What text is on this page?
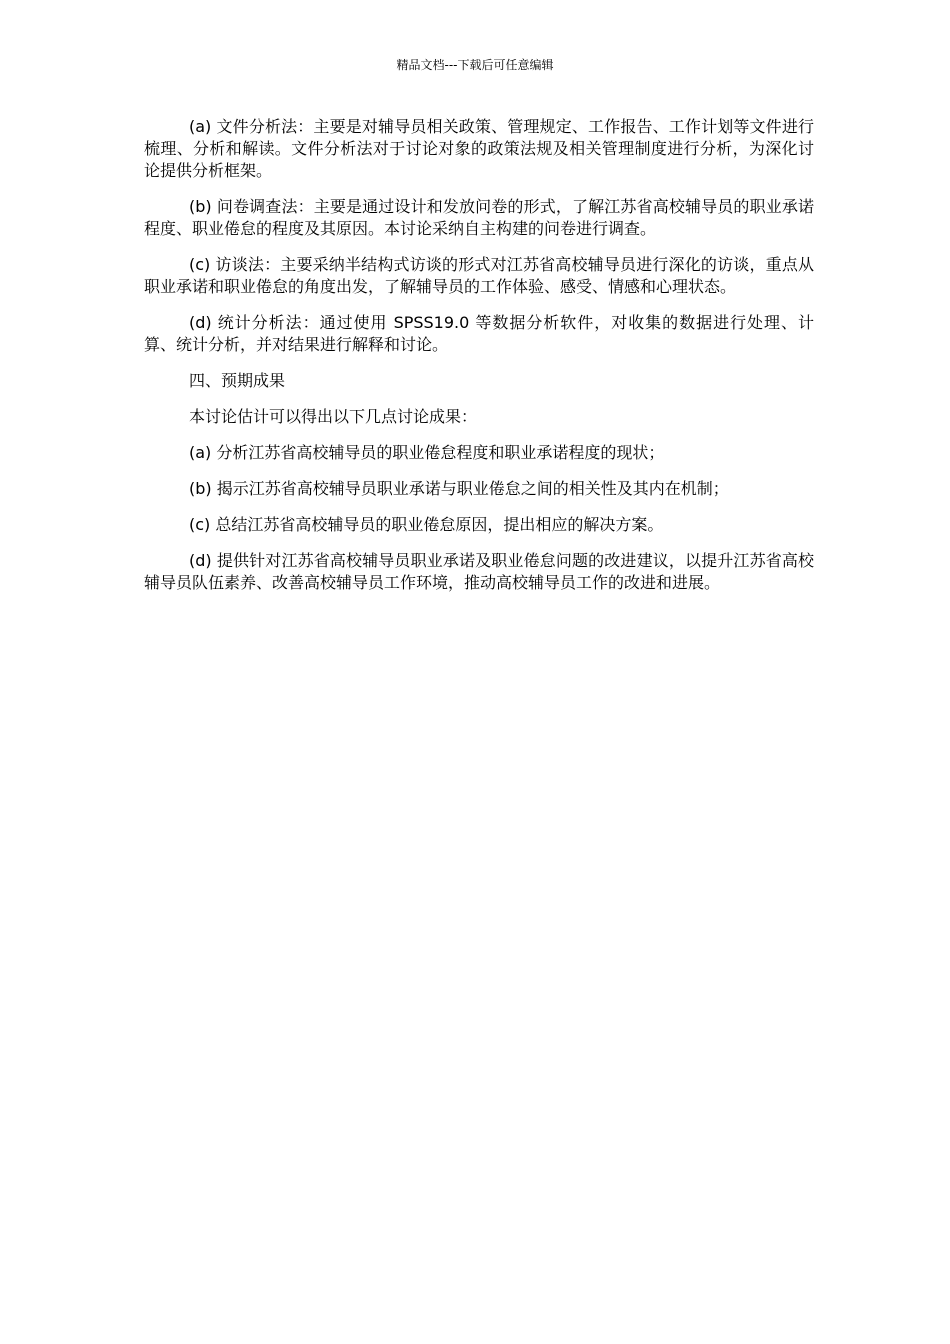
精品文档---下载后可任意编辑

(a) 文件分析法：主要是对辅导员相关政策、管理规定、工作报告、工作计划等文件进行梳理、分析和解读。文件分析法对于讨论对象的政策法规及相关管理制度进行分析，为深化讨论提供分析框架。

(b) 问卷调查法：主要是通过设计和发放问卷的形式，了解江苏省高校辅导员的职业承诺程度、职业倦怠的程度及其原因。本讨论采纳自主构建的问卷进行调查。

(c) 访谈法：主要采纳半结构式访谈的形式对江苏省高校辅导员进行深化的访谈，重点从职业承诺和职业倦怠的角度出发，了解辅导员的工作体验、感受、情感和心理状态。

(d) 统计分析法：通过使用 SPSS19.0 等数据分析软件，对收集的数据进行处理、计算、统计分析，并对结果进行解释和讨论。

四、预期成果

本讨论估计可以得出以下几点讨论成果：

(a) 分析江苏省高校辅导员的职业倦怠程度和职业承诺程度的现状；

(b) 揭示江苏省高校辅导员职业承诺与职业倦怠之间的相关性及其内在机制；

(c) 总结江苏省高校辅导员的职业倦怠原因，提出相应的解决方案。

(d) 提供针对江苏省高校辅导员职业承诺及职业倦怠问题的改进建议，以提升江苏省高校辅导员队伍素养、改善高校辅导员工作环境，推动高校辅导员工作的改进和进展。
